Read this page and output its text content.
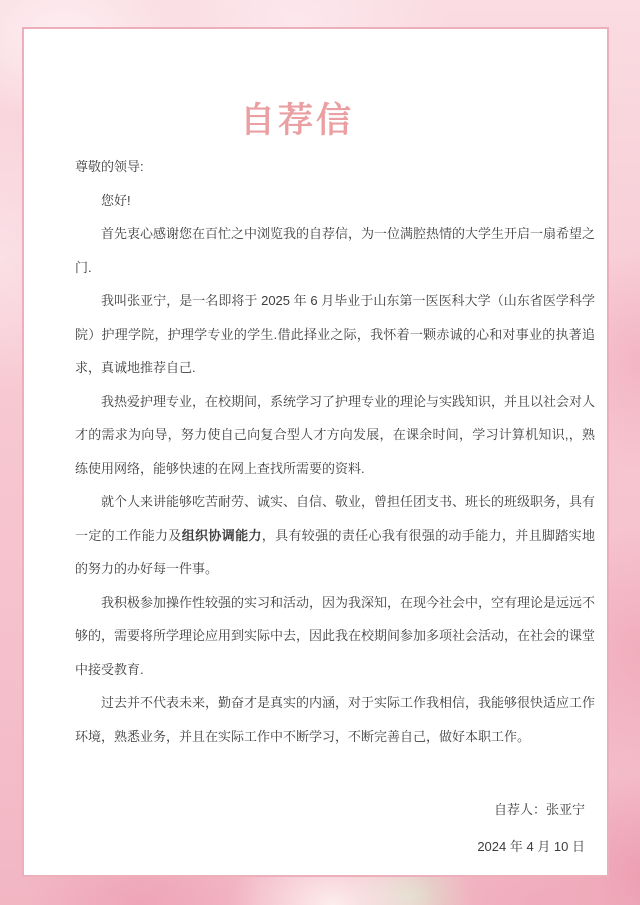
自荐信

尊敬的领导:

您好!

首先衷心感谢您在百忙之中浏览我的自荐信，为一位满腔热情的大学生开启一扇希望之门.

我叫张亚宁，是一名即将于 2025 年 6 月毕业于山东第一医医科大学（山东省医学科学院）护理学院，护理学专业的学生.借此择业之际，我怀着一颗赤诚的心和对事业的执著追求，真诚地推荐自己.

我热爱护理专业，在校期间，系统学习了护理专业的理论与实践知识，并且以社会对人才的需求为向导，努力使自己向复合型人才方向发展，在课余时间，学习计算机知识,，熟练使用网络，能够快速的在网上查找所需要的资料.

就个人来讲能够吃苦耐劳、诚实、自信、敬业，曾担任团支书、班长的班级职务，具有一定的工作能力及组织协调能力，具有较强的责任心我有很强的动手能力，并且脚踏实地的努力的办好每一件事。

我积极参加操作性较强的实习和活动，因为我深知，在现今社会中，空有理论是远远不够的，需要将所学理论应用到实际中去，因此我在校期间参加多项社会活动，在社会的课堂中接受教育.

过去并不代表未来，勤奋才是真实的内涵，对于实际工作我相信，我能够很快适应工作环境，熟悉业务，并且在实际工作中不断学习，不断完善自己，做好本职工作。

自荐人：张亚宁

2024 年 4 月 10 日
